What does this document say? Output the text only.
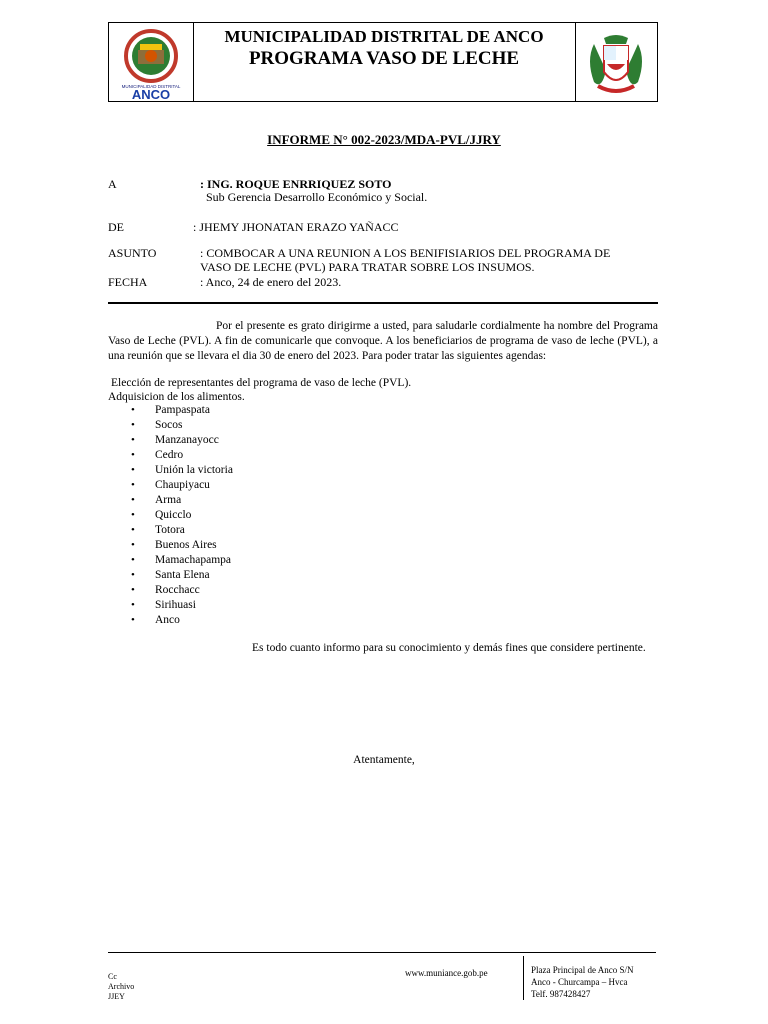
MUNICIPALIDAD DISTRITAL
ANCO
MUNICIPALIDAD DISTRITAL DE ANCO
PROGRAMA VASO DE LECHE
INFORME N° 002-2023/MDA-PVL/JJRY
A	: ING. ROQUE ENRRIQUEZ SOTO
Sub Gerencia Desarrollo Económico y Social.
DE	: JHEMY JHONATAN ERAZO YAÑACC
ASUNTO	: COMBOCAR A UNA REUNION A LOS BENIFISIARIOS DEL PROGRAMA DE
VASO DE LECHE (PVL) PARA TRATAR SOBRE LOS INSUMOS.
FECHA	: Anco, 24 de enero del 2023.
Por el presente es grato dirigirme a usted, para saludarle cordialmente ha nombre del Programa Vaso de Leche (PVL). A fin de comunicarle que convoque. A los beneficiarios de programa de vaso de leche (PVL), a una reunión que se llevara el dia 30 de enero del 2023. Para poder tratar las siguientes agendas:
Elección de representantes del programa de vaso de leche (PVL).
Adquisicion de los alimentos.
• Pampaspata
• Socos
• Manzanayocc
• Cedro
• Unión la victoria
• Chaupiyacu
• Arma
• Quicclo
• Totora
• Buenos Aires
• Mamachapampa
• Santa Elena
• Rocchacc
• Sirihuasi
• Anco
Es todo cuanto informo para su conocimiento y demás fines que considere pertinente.
Atentamente,
Cc
Archivo
JJEY
www.muniance.gob.pe	Plaza Principal de Anco S/N
Anco - Churcampa – Hvca
Telf. 987428427
